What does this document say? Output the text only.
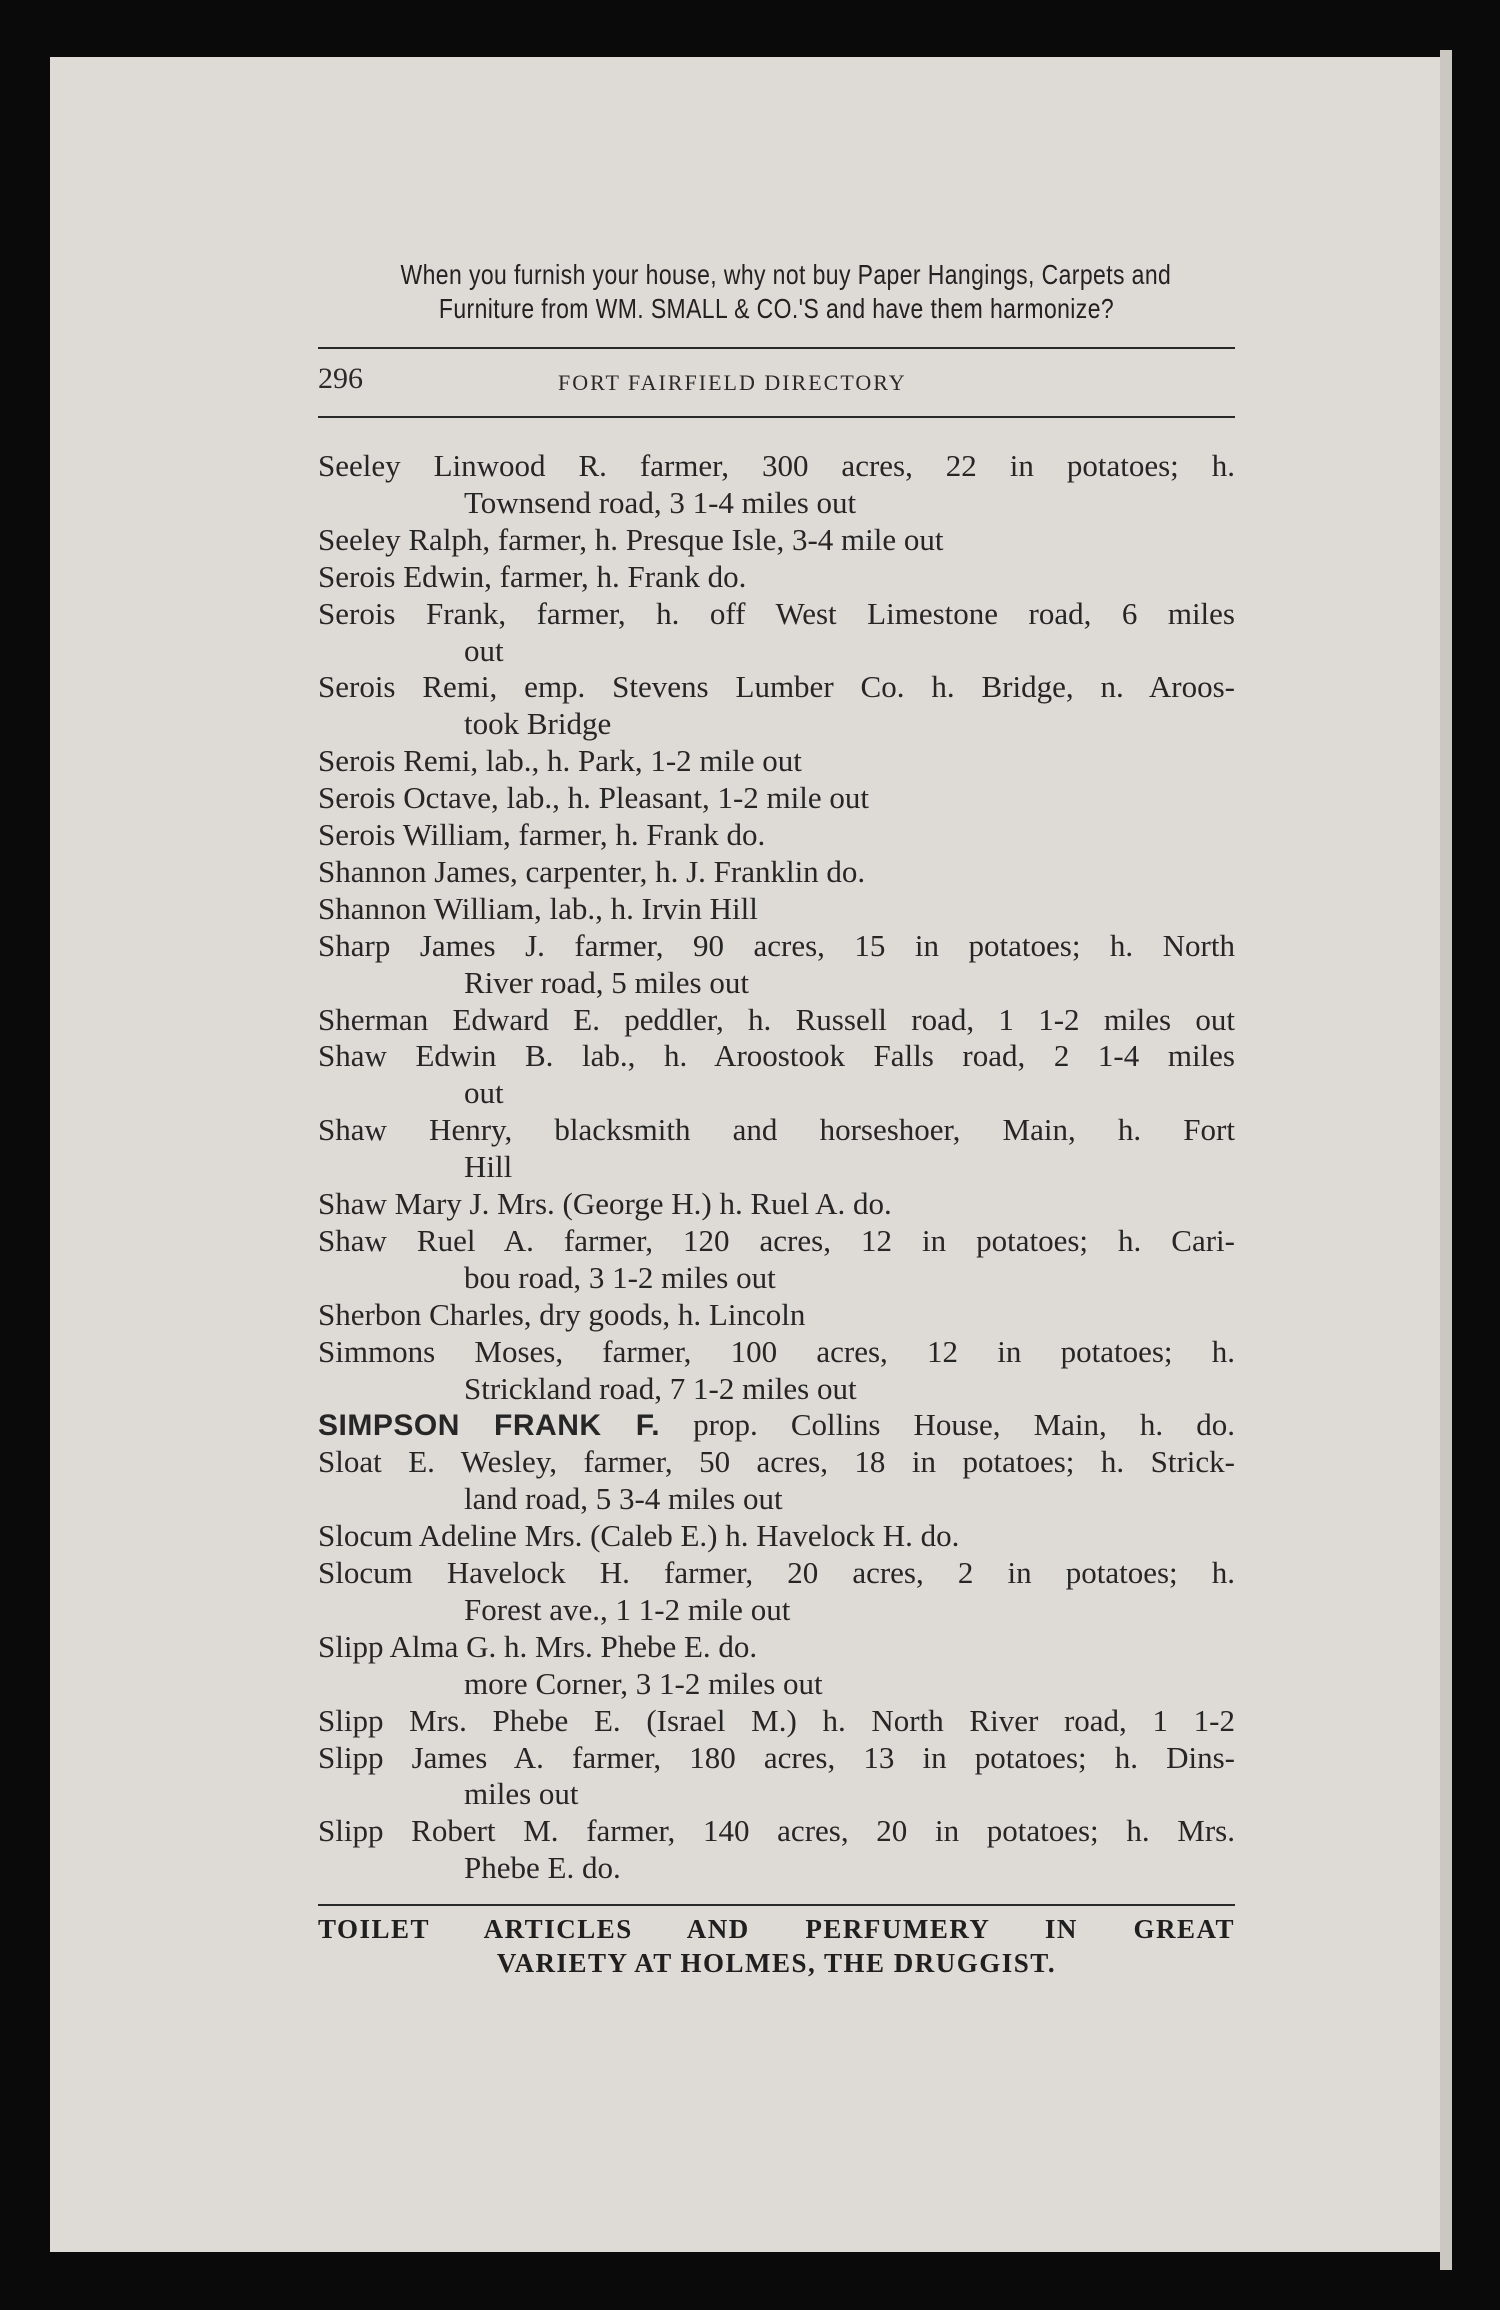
When you furnish your house, why not buy Paper Hangings, Carpets and
Furniture from WM. SMALL & CO.'S and have them harmonize?
296	FORT FAIRFIELD DIRECTORY
Seeley Linwood R. farmer, 300 acres, 22 in potatoes; h.
Townsend road, 3 1-4 miles out
Seeley Ralph, farmer, h. Presque Isle, 3-4 mile out
Serois Edwin, farmer, h. Frank do.
Serois Frank, farmer, h. off West Limestone road, 6 miles
out
Serois Remi, emp. Stevens Lumber Co. h. Bridge, n. Aroos-
took Bridge
Serois Remi, lab., h. Park, 1-2 mile out
Serois Octave, lab., h. Pleasant, 1-2 mile out
Serois William, farmer, h. Frank do.
Shannon James, carpenter, h. J. Franklin do.
Shannon William, lab., h. Irvin Hill
Sharp James J. farmer, 90 acres, 15 in potatoes; h. North
River road, 5 miles out
Sherman Edward E. peddler, h. Russell road, 1 1-2 miles out
Shaw Edwin B. lab., h. Aroostook Falls road, 2 1-4 miles
out
Shaw Henry, blacksmith and horseshoer, Main, h. Fort
Hill
Shaw Mary J. Mrs. (George H.) h. Ruel A. do.
Shaw Ruel A. farmer, 120 acres, 12 in potatoes; h. Cari-
bou road, 3 1-2 miles out
Sherbon Charles, dry goods, h. Lincoln
Simmons Moses, farmer, 100 acres, 12 in potatoes; h.
Strickland road, 7 1-2 miles out
SIMPSON FRANK F. prop. Collins House, Main, h. do.
Sloat E. Wesley, farmer, 50 acres, 18 in potatoes; h. Strick-
land road, 5 3-4 miles out
Slocum Adeline Mrs. (Caleb E.) h. Havelock H. do.
Slocum Havelock H. farmer, 20 acres, 2 in potatoes; h.
Forest ave., 1 1-2 mile out
Slipp Alma G. h. Mrs. Phebe E. do.
more Corner, 3 1-2 miles out
Slipp Mrs. Phebe E. (Israel M.) h. North River road, 1 1-2
Slipp James A. farmer, 180 acres, 13 in potatoes; h. Dins-
miles out
Slipp Robert M. farmer, 140 acres, 20 in potatoes; h. Mrs.
Phebe E. do.
TOILET ARTICLES AND PERFUMERY IN GREAT
VARIETY AT HOLMES, THE DRUGGIST.
